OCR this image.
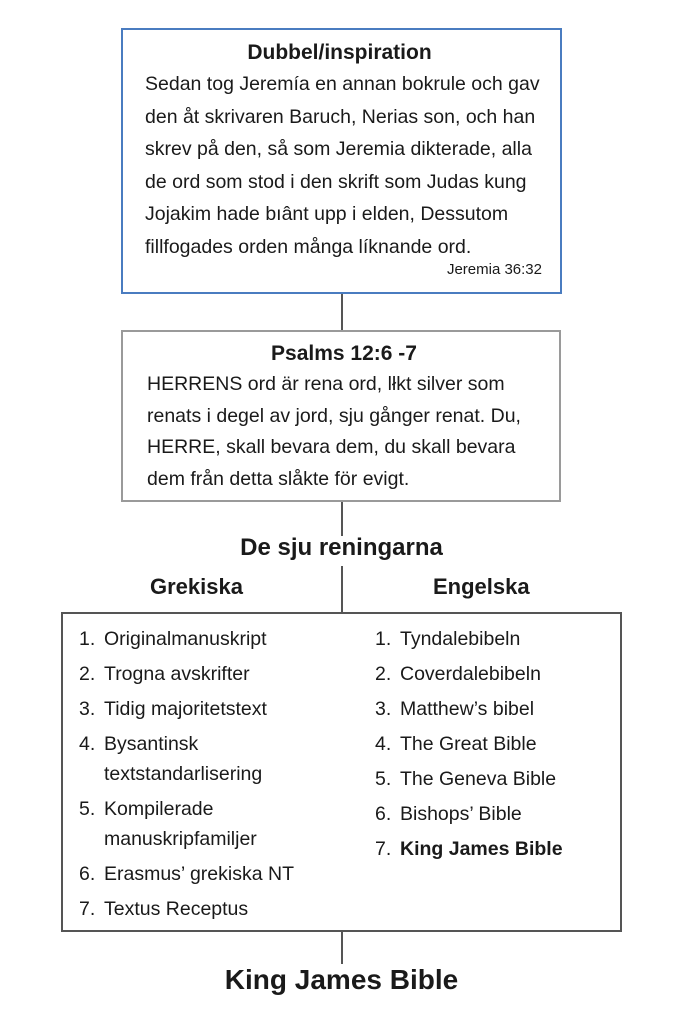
Dubbel/inspiration

Sedan tog Jeremía en annan bokrule och gav den åt skrivaren Baruch, Nerias son, och han skrev på den, så som Jeremia dikterade, alla de ord som stod i den skrift som Judas kung Jojakim hade bıânt upp i elden, Dessutom fillfogades orden många líknande ord.

Jeremia 36:32
Psalms 12:6 -7

HERRENS ord är rena ord, lłkt silver som renats i degel av jord, sju gånger renat. Du, HERRE, skall bevara dem, du skall bevara dem från detta slåkte för evigt.

De sju reningarna
Grekiska	Engelska
1. Originalmanuskript
2. Trogna avskrifter
3. Tidig majoritetstext
4. Bysantinsk textstandarlisering
5. Kompilerade manuskripfamiljer
6. Erasmus’ grekiska NT
7. Textus Receptus
1. Tyndalebibeln
2. Coverdalebibeln
3. Matthew’s bibel
4. The Great Bible
5. The Geneva Bible
6. Bishops’ Bible
7. King James Bible
King James Bible
